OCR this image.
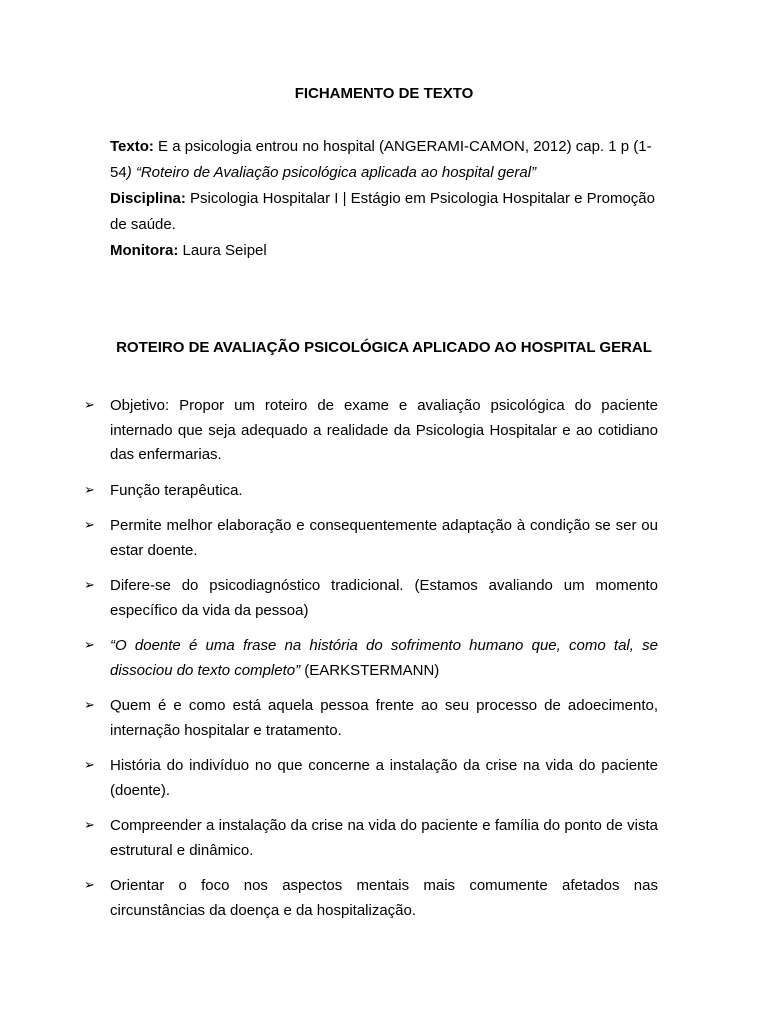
FICHAMENTO DE TEXTO

Texto: E a psicologia entrou no hospital (ANGERAMI-CAMON, 2012) cap. 1 p (1-54) “Roteiro de Avaliação psicológica aplicada ao hospital geral”

Disciplina: Psicologia Hospitalar I | Estágio em Psicologia Hospitalar e Promoção de saúde.

Monitora: Laura Seipel

ROTEIRO DE AVALIAÇÃO PSICOLÓGICA APLICADO AO HOSPITAL GERAL
➢	Objetivo: Propor um roteiro de exame e avaliação psicológica do paciente internado que seja adequado a realidade da Psicologia Hospitalar e ao cotidiano das enfermarias.
➢	Função terapêutica.
➢	Permite melhor elaboração e consequentemente adaptação à condição se ser ou estar doente.
➢	Difere-se do psicodiagnóstico tradicional. (Estamos avaliando um momento específico da vida da pessoa)
➢	“O doente é uma frase na história do sofrimento humano que, como tal, se dissociou do texto completo” (EARKSTERMANN)
➢	Quem é e como está aquela pessoa frente ao seu processo de adoecimento, internação hospitalar e tratamento.
➢	História do indivíduo no que concerne a instalação da crise na vida do paciente (doente).
➢	Compreender a instalação da crise na vida do paciente e família do ponto de vista estrutural e dinâmico.
➢	Orientar o foco nos aspectos mentais mais comumente afetados nas circunstâncias da doença e da hospitalização.
